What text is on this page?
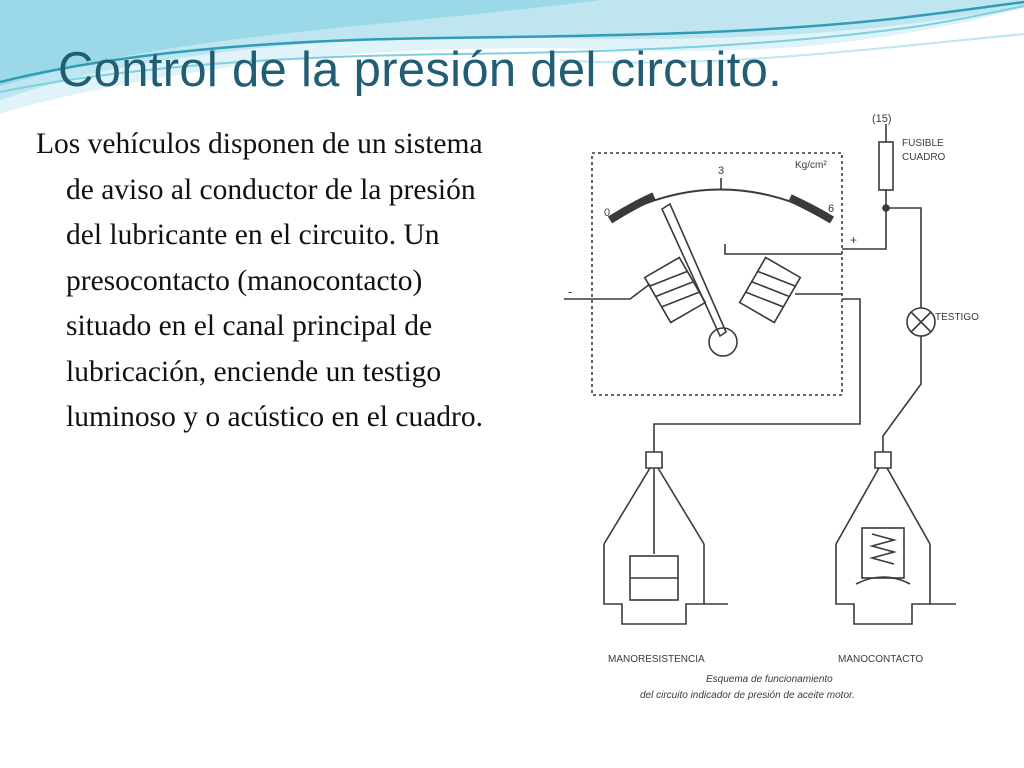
Control de la presión del circuito.

Los vehículos disponen de un sistema de aviso al conductor de la presión del lubricante en el circuito. Un presocontacto (manocontacto) situado en el canal principal de lubricación, enciende un testigo luminoso y o acústico en el cuadro.

(15)
FUSIBLE
CUADRO
Kg/cm²
0
3
6
+
-
TESTIGO
MANORESISTENCIA	MANOCONTACTO
Esquema de funcionamiento
del circuito indicador de presión de aceite motor.
